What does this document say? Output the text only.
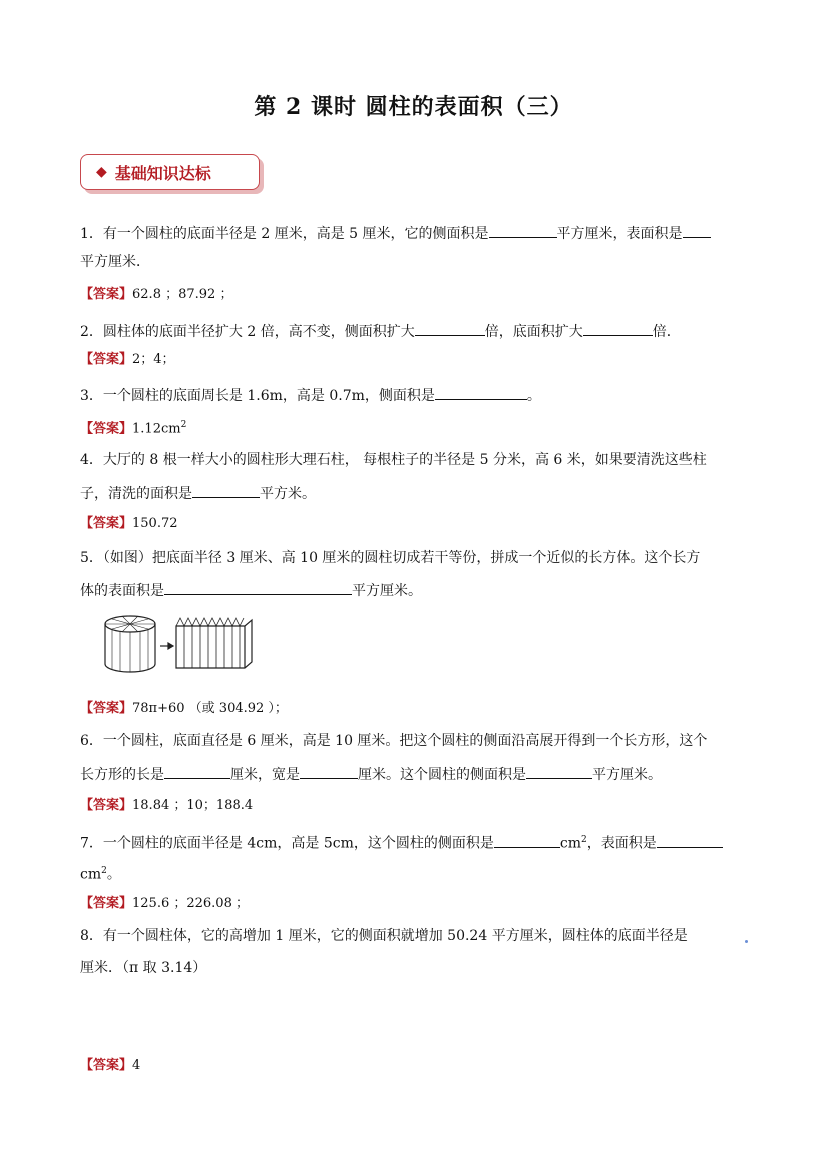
第 2 课时 圆柱的表面积（三）
◆ 基础知识达标
1．有一个圆柱的底面半径是 2 厘米，高是 5 厘米，它的侧面积是	平方厘米，表面积是
平方厘米．
【答案】62.8 ；87.92 ；
2．圆柱体的底面半径扩大 2 倍，高不变，侧面积扩大	倍，底面积扩大	倍．
【答案】2；4；
3．一个圆柱的底面周长是 1.6m，高是 0.7m，侧面积是	。
【答案】$1.12cm^2$
4．大厅的 8 根一样大小的圆柱形大理石柱， 每根柱子的半径是 5 分米，高 6 米，如果要清洗这些柱
子，清洗的面积是	平方米。
【答案】150.72
5．（如图）把底面半径 3 厘米、高 10 厘米的圆柱切成若干等份，拼成一个近似的长方体。这个长方
体的表面积是	平方厘米。
【答案】78π+60 （或 304.92 ）；
6．一个圆柱，底面直径是 6 厘米，高是 10 厘米。把这个圆柱的侧面沿高展开得到一个长方形，这个
长方形的长是	厘米，宽是	厘米。这个圆柱的侧面积是	平方厘米。
【答案】18.84 ；10；188.4
7．一个圆柱的底面半径是 4cm，高是 5cm，这个圆柱的侧面积是	$cm^2$，表面积是
$cm^2$。
【答案】125.6 ；226.08 ；
8．有一个圆柱体，它的高增加 1 厘米，它的侧面积就增加 50.24 平方厘米，圆柱体的底面半径是
厘米．（π 取 3.14）
【答案】4
